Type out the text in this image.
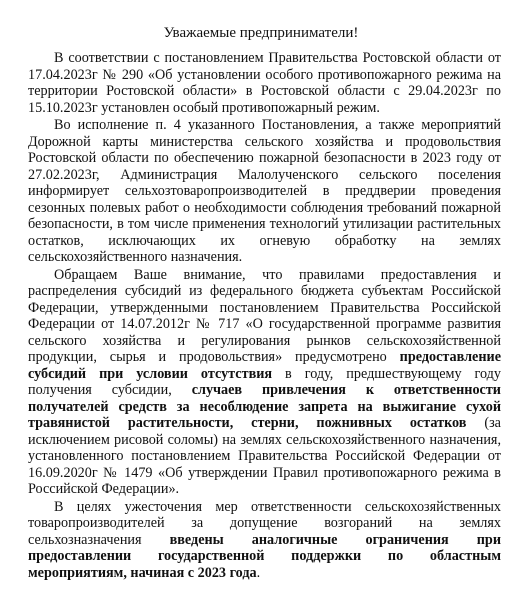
Уважаемые предприниматели!

В соответствии с постановлением Правительства Ростовской области от 17.04.2023г № 290 «Об установлении особого противопожарного режима на территории Ростовской области» в Ростовской области с 29.04.2023г по 15.10.2023г установлен особый противопожарный режим.

Во исполнение п. 4 указанного Постановления, а также мероприятий Дорожной карты министерства сельского хозяйства и продовольствия Ростовской области по обеспечению пожарной безопасности в 2023 году от 27.02.2023г, Администрация Малолученского сельского поселения информирует сельхозтоваропроизводителей в преддверии проведения сезонных полевых работ о необходимости соблюдения требований пожарной безопасности, в том числе применения технологий утилизации растительных остатков, исключающих их огневую обработку на землях сельскохозяйственного назначения.

Обращаем Ваше внимание, что правилами предоставления и распределения субсидий из федерального бюджета субъектам Российской Федерации, утвержденными постановлением Правительства Российской Федерации от 14.07.2012г № 717 «О государственной программе развития сельского хозяйства и регулирования рынков сельскохозяйственной продукции, сырья и продовольствия» предусмотрено предоставление субсидий при условии отсутствия в году, предшествующему году получения субсидии, случаев привлечения к ответственности получателей средств за несоблюдение запрета на выжигание сухой травянистой растительности, стерни, пожнивных остатков (за исключением рисовой соломы) на землях сельскохозяйственного назначения, установленного постановлением Правительства Российской Федерации от 16.09.2020г № 1479 «Об утверждении Правил противопожарного режима в Российской Федерации».

В целях ужесточения мер ответственности сельскохозяйственных товаропроизводителей за допущение возгораний на землях сельхозназначения введены аналогичные ограничения при предоставлении государственной поддержки по областным мероприятиям, начиная с 2023 года.
